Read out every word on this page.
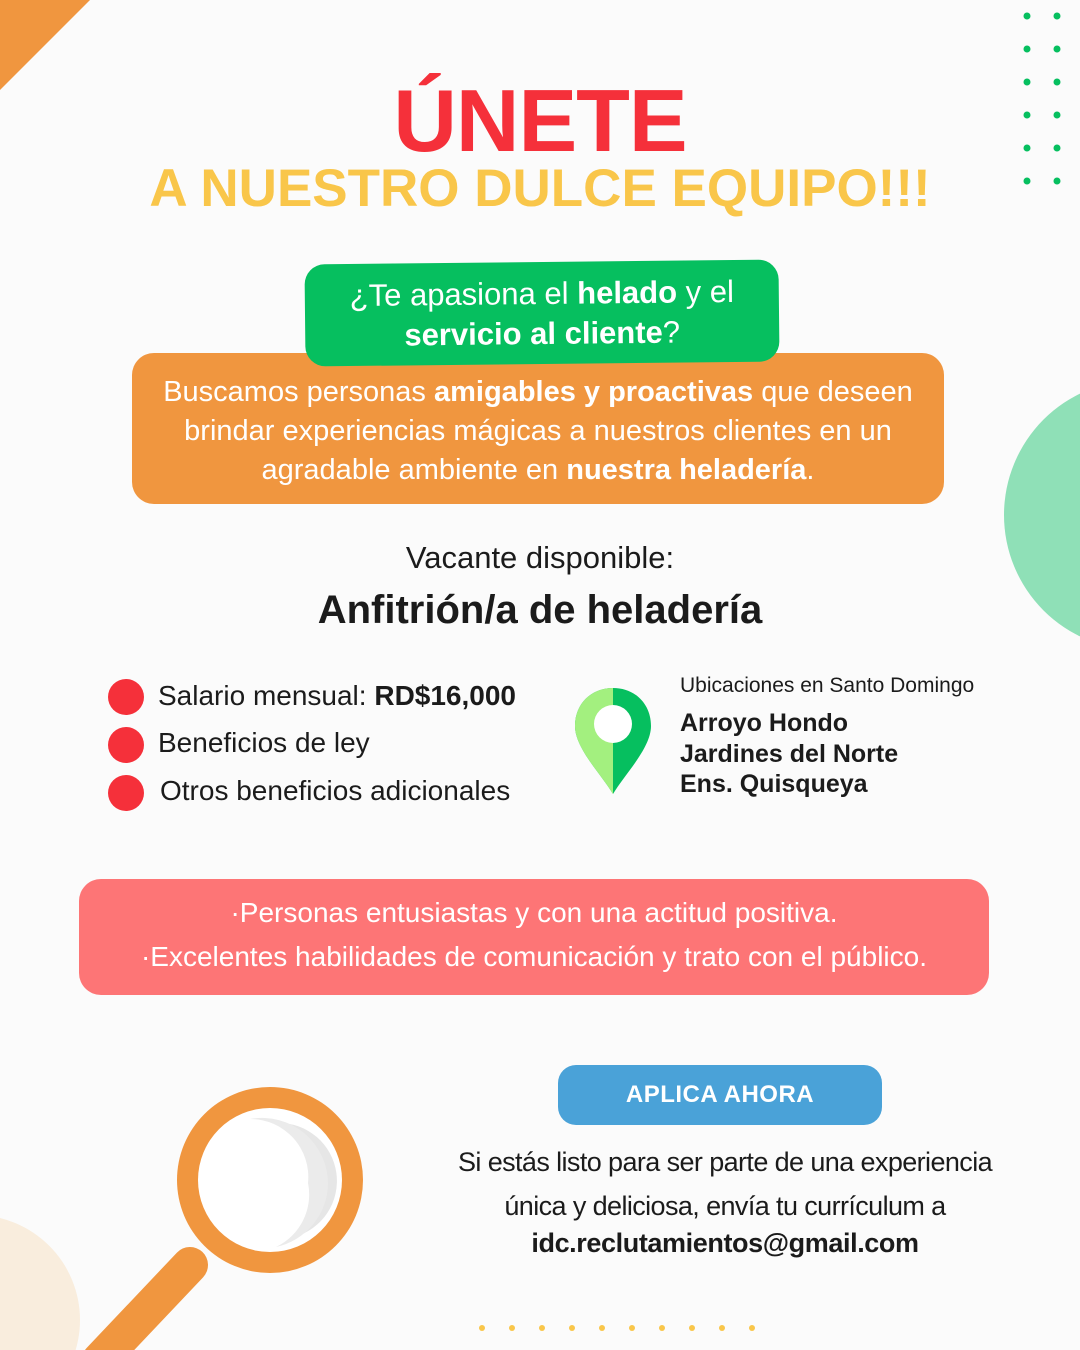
ÚNETE
A NUESTRO DULCE EQUIPO!!!
¿Te apasiona el helado y el
servicio al cliente?
Buscamos personas amigables y proactivas que deseen brindar experiencias mágicas a nuestros clientes en un agradable ambiente en nuestra heladería.
Vacante disponible:
Anfitrión/a de heladería
Salario mensual: RD$16,000
Beneficios de ley
Otros beneficios adicionales
Ubicaciones en Santo Domingo
Arroyo Hondo
Jardines del Norte
Ens. Quisqueya
·Personas entusiastas y con una actitud positiva.
·Excelentes habilidades de comunicación y trato con el público.
APLICA AHORA
Si estás listo para ser parte de una experiencia única y deliciosa, envía tu currículum a
idc.reclutamientos@gmail.com
